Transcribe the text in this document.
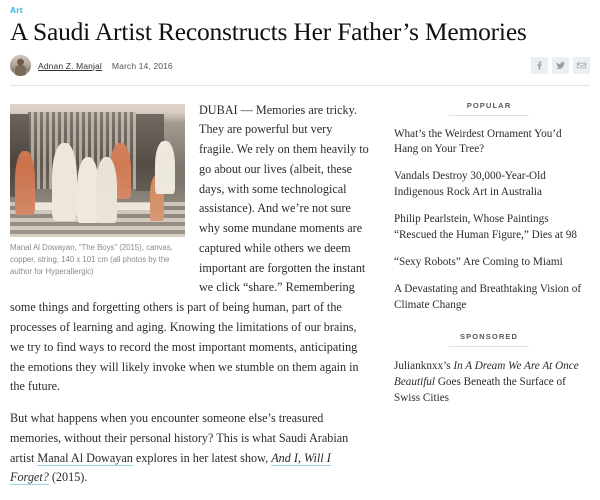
Art
A Saudi Artist Reconstructs Her Father’s Memories
Adnan Z. Manjal March 14, 2016
Manal Al Dowayan, “The Boys” (2015), canvas, copper, string, 140 x 101 cm (all photos by the author for Hyperallergic)

DUBAI — Memories are tricky. They are powerful but very fragile. We rely on them heavily to go about our lives (albeit, these days, with some technological assistance). And we’re not sure why some mundane moments are captured while others we deem important are forgotten the instant we click “share.” Remembering some things and forgetting others is part of being human, part of the processes of learning and aging. Knowing the limitations of our brains, we try to find ways to record the most important moments, anticipating the emotions they will likely invoke when we stumble on them again in the future.

But what happens when you encounter someone else’s treasured memories, without their personal history? This is what Saudi Arabian artist Manal Al Dowayan explores in her latest show, And I, Will I Forget? (2015).

POPULAR
What’s the Weirdest Ornament You’d Hang on Your Tree?
Vandals Destroy 30,000-Year-Old Indigenous Rock Art in Australia
Philip Pearlstein, Whose Paintings “Rescued the Human Figure,” Dies at 98
“Sexy Robots” Are Coming to Miami
A Devastating and Breathtaking Vision of Climate Change
SPONSORED
Julianknxx’s In A Dream We Are At Once Beautiful Goes Beneath the Surface of Swiss Cities
